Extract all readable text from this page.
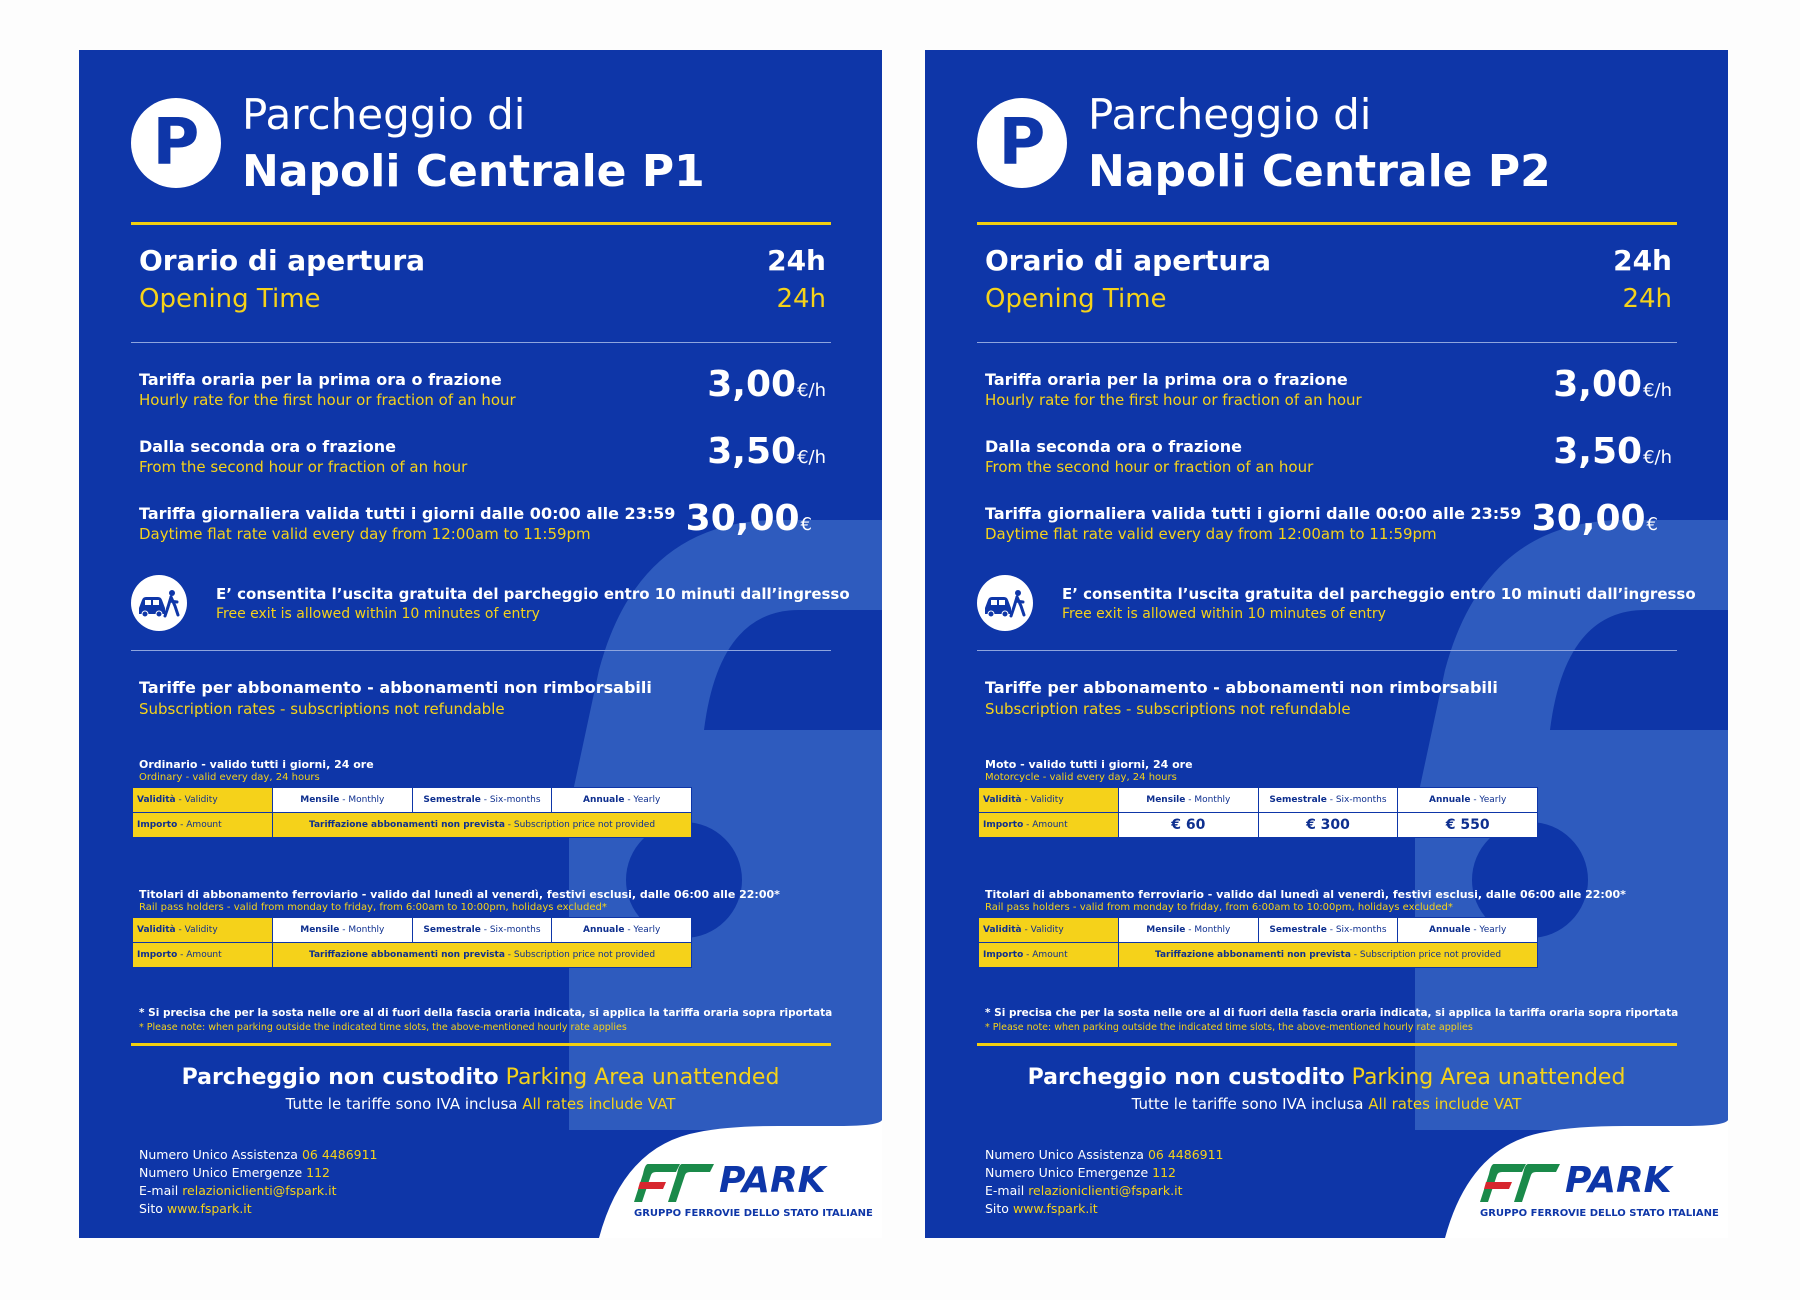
P	Parcheggio di
Napoli Centrale P1
Orario di apertura
Opening Time
24h
24h
Tariffa oraria per la prima ora o frazione
Hourly rate for the first hour or fraction of an hour	3,00€/h
Dalla seconda ora o frazione
From the second hour or fraction of an hour	3,50€/h
Tariffa giornaliera valida tutti i giorni dalle 00:00 alle 23:59
Daytime flat rate valid every day from 12:00am to 11:59pm	30,00€
E’ consentita l’uscita gratuita del parcheggio entro 10 minuti dall’ingresso
Free exit is allowed within 10 minutes of entry
Tariffe per abbonamento - abbonamenti non rimborsabili
Subscription rates - subscriptions not refundable
Ordinario - valido tutti i giorni, 24 ore
Ordinary - valid every day, 24 hours
Validità - Validity	Mensile - Monthly	Semestrale - Six-months	Annuale - Yearly
Importo - Amount	Tariffazione abbonamenti non prevista - Subscription price not provided		
Titolari di abbonamento ferroviario - valido dal lunedì al venerdì, festivi esclusi, dalle 06:00 alle 22:00*
Rail pass holders - valid from monday to friday, from 6:00am to 10:00pm, holidays excluded*
Validità - Validity	Mensile - Monthly	Semestrale - Six-months	Annuale - Yearly
Importo - Amount	Tariffazione abbonamenti non prevista - Subscription price not provided		
* Si precisa che per la sosta nelle ore al di fuori della fascia oraria indicata, si applica la tariffa oraria sopra riportata
* Please note: when parking outside the indicated time slots, the above-mentioned hourly rate applies
Parcheggio non custodito Parking Area unattended
Tutte le tariffe sono IVA inclusa All rates include VAT
Numero Unico Assistenza 06 4486911
Numero Unico Emergenze 112
E-mail relazioniclienti@fspark.it
Sito www.fspark.it
PARK
GRUPPO FERROVIE DELLO STATO ITALIANE
P	Parcheggio di
Napoli Centrale P2
Orario di apertura
Opening Time
24h
24h
Tariffa oraria per la prima ora o frazione
Hourly rate for the first hour or fraction of an hour	3,00€/h
Dalla seconda ora o frazione
From the second hour or fraction of an hour	3,50€/h
Tariffa giornaliera valida tutti i giorni dalle 00:00 alle 23:59
Daytime flat rate valid every day from 12:00am to 11:59pm	30,00€
E’ consentita l’uscita gratuita del parcheggio entro 10 minuti dall’ingresso
Free exit is allowed within 10 minutes of entry
Tariffe per abbonamento - abbonamenti non rimborsabili
Subscription rates - subscriptions not refundable
Moto - valido tutti i giorni, 24 ore
Motorcycle - valid every day, 24 hours
Validità - Validity	Mensile - Monthly	Semestrale - Six-months	Annuale - Yearly
Importo - Amount	€ 60	€ 300	€ 550
Titolari di abbonamento ferroviario - valido dal lunedì al venerdì, festivi esclusi, dalle 06:00 alle 22:00*
Rail pass holders - valid from monday to friday, from 6:00am to 10:00pm, holidays excluded*
Validità - Validity	Mensile - Monthly	Semestrale - Six-months	Annuale - Yearly
Importo - Amount	Tariffazione abbonamenti non prevista - Subscription price not provided		
* Si precisa che per la sosta nelle ore al di fuori della fascia oraria indicata, si applica la tariffa oraria sopra riportata
* Please note: when parking outside the indicated time slots, the above-mentioned hourly rate applies
Parcheggio non custodito Parking Area unattended
Tutte le tariffe sono IVA inclusa All rates include VAT
Numero Unico Assistenza 06 4486911
Numero Unico Emergenze 112
E-mail relazioniclienti@fspark.it
Sito www.fspark.it
PARK
GRUPPO FERROVIE DELLO STATO ITALIANE
